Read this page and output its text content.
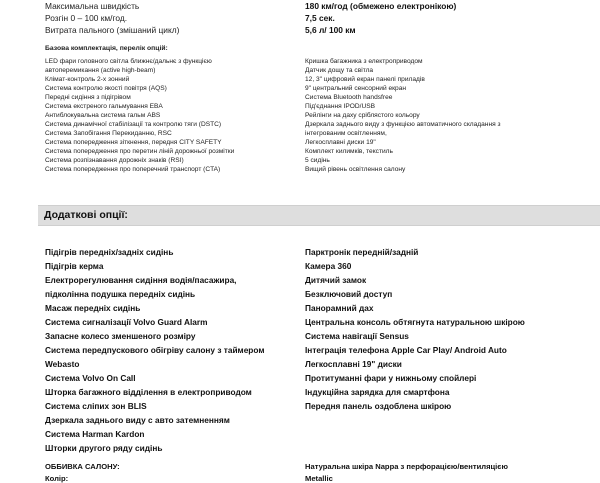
Максимальна швидкість	180 км/год (обмежено електронікою)
Розгін 0 – 100 км/год.	7,5 сек.
Витрата пального (змішаний цикл)	5,6 л/ 100 км
Базова комплектація, перелік опцій:
LED фари головного світла ближнє/дальнє з функцією	Кришка багажника з електроприводом
автоперемикання (active high-beam)	Датчик дощу та світла
Клімат-контроль 2-х зонний	12, 3" цифровий екран панелі приладів
Система контролю якості повітря (AQS)	9" центральний сенсорний екран
Передні сидіння з підігрівом	Система Bluetooth handsfree
Система екстреного гальмування EBA	Під'єднання IPOD/USB
Антиблокувальна система гальм ABS	Рейлінги на даху сріблястого кольору
Система динамічної стабілізації та контролю тяги (DSTC)	Дзеркала заднього виду з функцією автоматичного складання з
Система Запобігання Перекиданню, RSC	інтегрованим освітленням,
Система попередження зіткнення, передня CITY SAFETY	Легкосплавні диски 19"
Система попередження про перетин ліній дорожньої розмітки	Комплект килимків, текстиль
Система розпізнавання дорожніх знаків (RSI)	5 сидінь
Система попередження про поперечний транспорт (CTA)	Вищий рівень освітлення салону
Додаткові опції:
Підігрів передніх/задніх сидінь	Парктронік передній/задній
Підігрів керма	Камера 360
Електрорегулювання сидіння водія/пасажира,	Дитячий замок
підколінна подушка передніх сидінь	Безключовий доступ
Масаж передніх сидінь	Панорамний дах
Система сигналізації Volvo Guard Alarm	Центральна консоль обтягнута натуральною шкірою
Запасне колесо зменшеного розміру	Система навігації Sensus
Система передпускового обігріву салону з таймером	Інтеграція телефона Apple Car Play/ Android Auto
Webasto	Легкосплавні 19" диски
Система Volvo On Call	Протитуманні фари у нижньому спойлері
Шторка багажного відділення в електроприводом	Індукційна зарядка для смартфона
Система сліпих зон BLIS	Передня панель оздоблена шкірою
Дзеркала заднього виду с авто затемненням
Система Harman Kardon
Шторки другого ряду сидінь
ОББИВКА САЛОНУ:	Натуральна шкіра Nappa з перфорацією/вентиляцією
Колір:	Metallic
